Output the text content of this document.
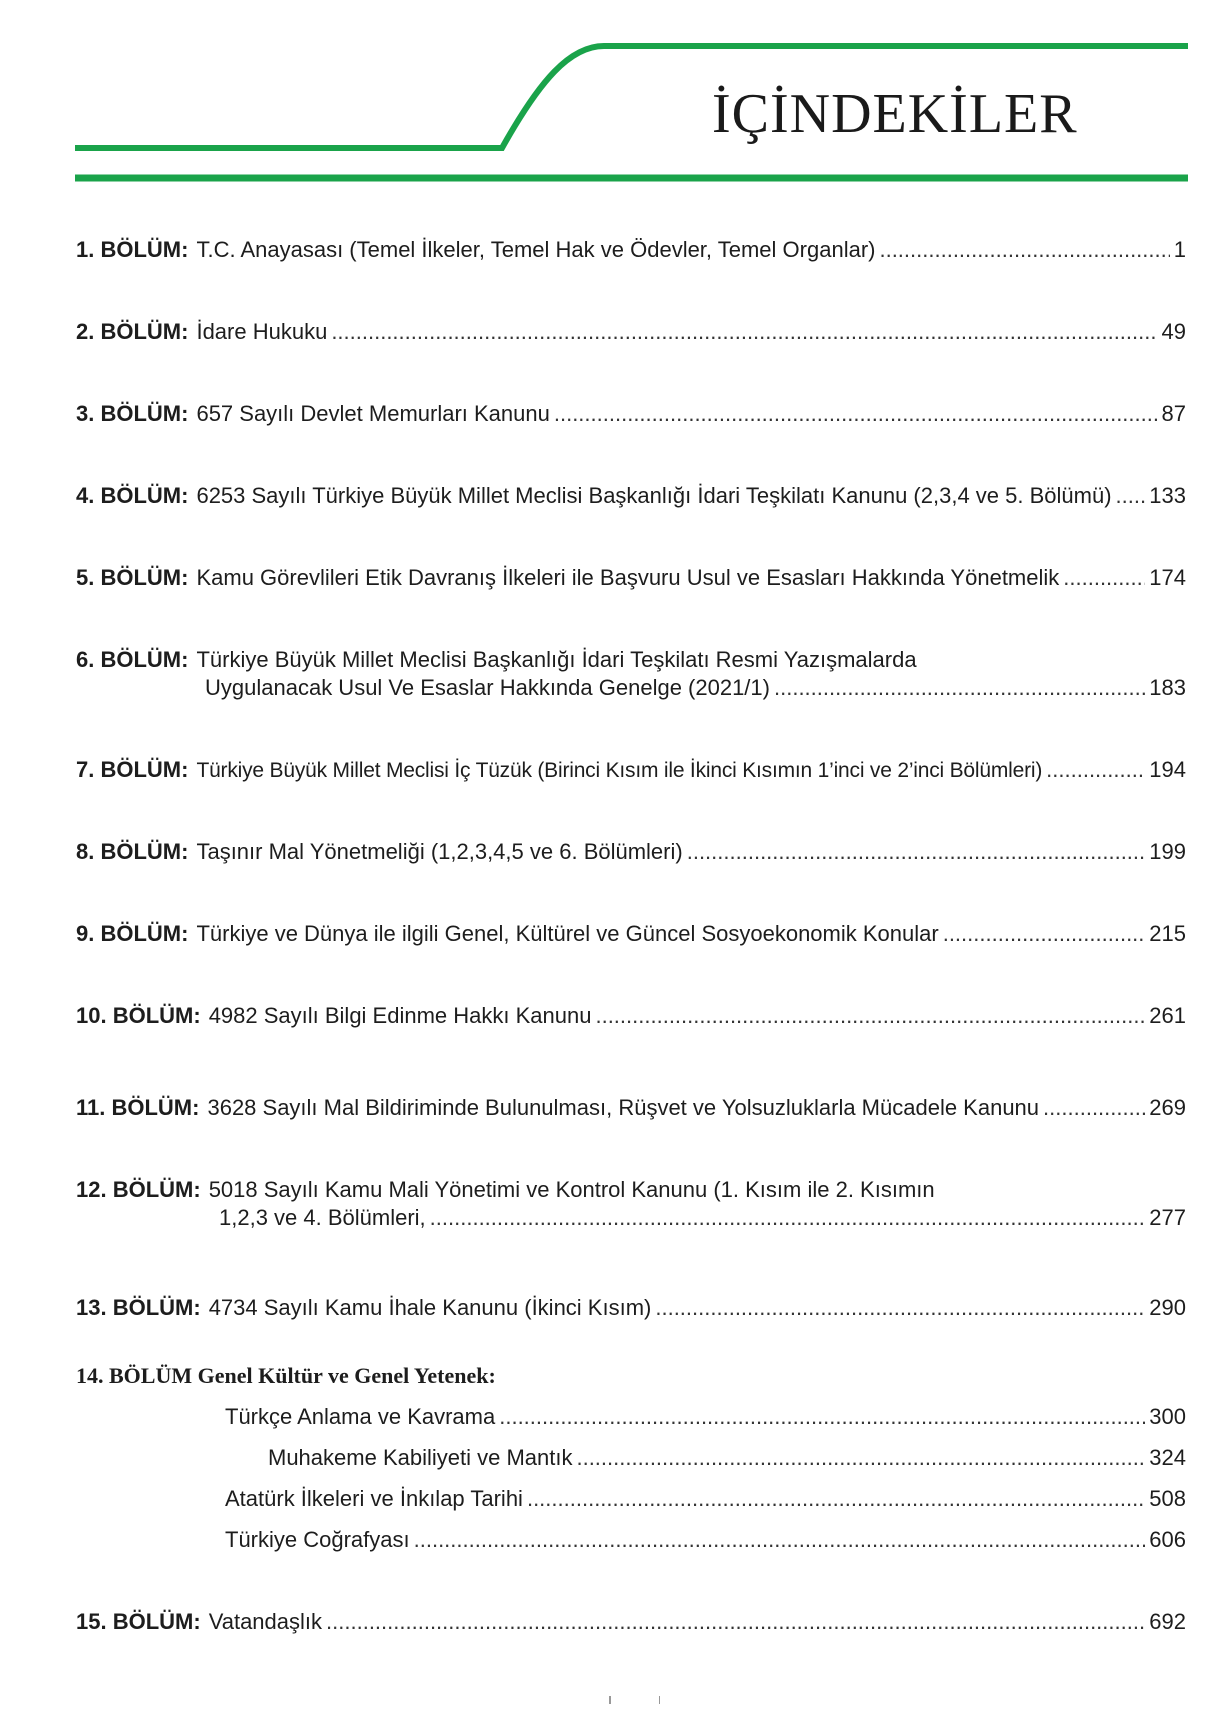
İÇİNDEKİLER
1. BÖLÜM: T.C. Anayasası (Temel İlkeler, Temel Hak ve Ödevler, Temel Organlar) .....	1
2. BÖLÜM: İdare Hukuku .....	49
3. BÖLÜM: 657 Sayılı Devlet Memurları Kanunu .....	87
4. BÖLÜM: 6253 Sayılı Türkiye Büyük Millet Meclisi Başkanlığı İdari Teşkilatı Kanunu (2,3,4 ve 5. Bölümü) ..... 133
5. BÖLÜM: Kamu Görevlileri Etik Davranış İlkeleri ile Başvuru Usul ve Esasları Hakkında Yönetmelik .....	174
6. BÖLÜM: Türkiye Büyük Millet Meclisi Başkanlığı İdari Teşkilatı Resmi Yazışmalarda
Uygulanacak Usul Ve Esaslar Hakkında Genelge (2021/1) .....	183
7. BÖLÜM: Türkiye Büyük Millet Meclisi İç Tüzük (Birinci Kısım ile İkinci Kısımın 1’inci ve 2’inci Bölümleri) .....	194
8. BÖLÜM: Taşınır Mal Yönetmeliği (1,2,3,4,5 ve 6. Bölümleri) .....	199
9. BÖLÜM: Türkiye ve Dünya ile ilgili Genel, Kültürel ve Güncel Sosyoekonomik Konular .....	215
10. BÖLÜM: 4982 Sayılı Bilgi Edinme Hakkı Kanunu .....	261
11. BÖLÜM: 3628 Sayılı Mal Bildiriminde Bulunulması, Rüşvet ve Yolsuzluklarla Mücadele Kanunu .....	269
12. BÖLÜM: 5018 Sayılı Kamu Mali Yönetimi ve Kontrol Kanunu (1. Kısım ile 2. Kısımın
1,2,3 ve 4. Bölümleri, .....	277
13. BÖLÜM: 4734 Sayılı Kamu İhale Kanunu (İkinci Kısım) .....	290
14. BÖLÜM Genel Kültür ve Genel Yetenek:
Türkçe Anlama ve Kavrama .....	300
Muhakeme Kabiliyeti ve Mantık .....	324
Atatürk İlkeleri ve İnkılap Tarihi .....	508
Türkiye Coğrafyası .....	606
15. BÖLÜM: Vatandaşlık .....	692
